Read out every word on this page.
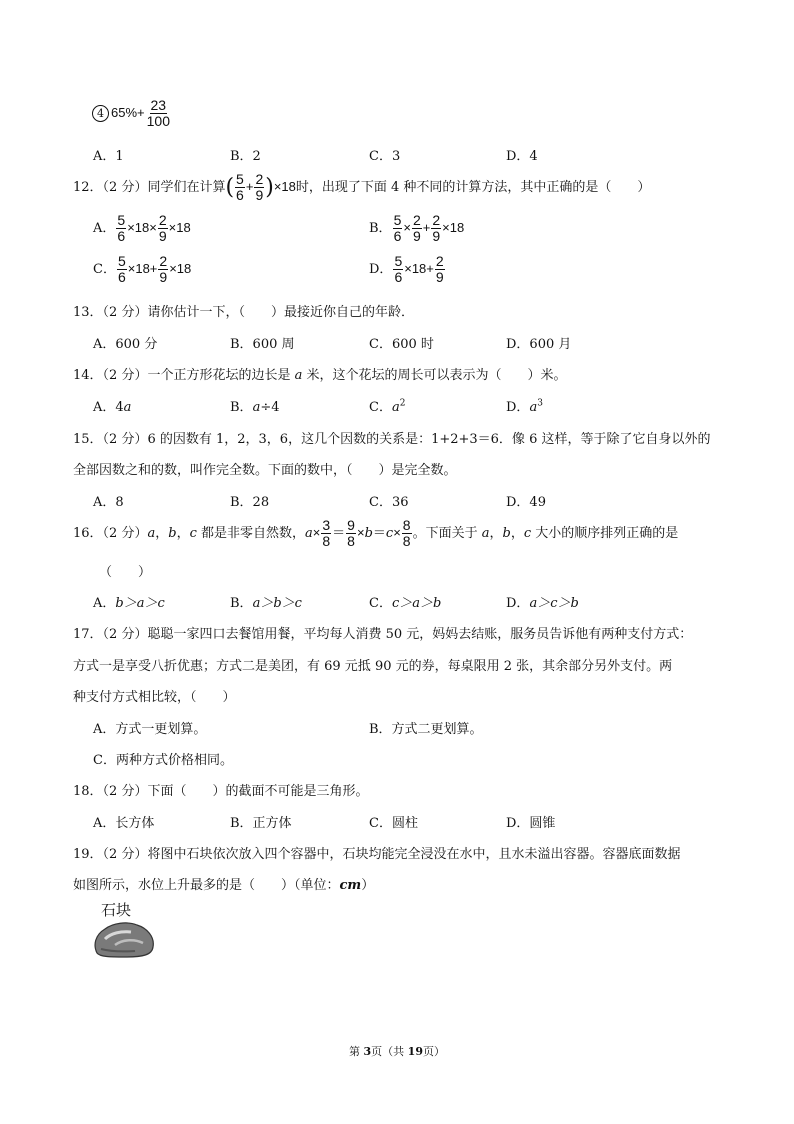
4 $65\%+ \frac{23}{100}$
A．1	B．2	C．3	D．4
12．（2 分）同学们在计算( $\frac{5}{6} + \frac{2}{9} )\times 18$时，出现了下面 4 种不同的计算方法，其中正确的是（　　）
A． $\frac{5}{6} \times 18\times \frac{2}{9} \times 18$	B． $\frac{5}{6} \times \frac{2}{9} + \frac{2}{9} \times 18$
C． $\frac{5}{6} \times 18+ \frac{2}{9} \times 18$	D． $\frac{5}{6} \times 18+ \frac{2}{9}$
13．（2 分）请你估计一下，（　　）最接近你自己的年龄．
A．600 分	B．600 周	C．600 时	D．600 月
14．（2 分）一个正方形花坛的边长是 a 米，这个花坛的周长可以表示为（　　）米。
A．4a	B．a÷4	C．$a^2$	D．$a^3$
15．（2 分）6 的因数有 1，2，3，6，这几个因数的关系是：1+2+3＝6．像 6 这样，等于除了它自身以外的
全部因数之和的数，叫作完全数。下面的数中，（　　）是完全数。
A．8	B．28	C．36	D．49
16．（2 分）a，b，c 都是非零自然数，$a\times \frac{3}{8} = \frac{9}{8} \times b=c\times \frac{8}{8}$ 。下面关于 a，b，c 大小的顺序排列正确的是
（　　）
A．b＞a＞c	B．a＞b＞c	C．c＞a＞b	D．a＞c＞b
17．（2 分）聪聪一家四口去餐馆用餐，平均每人消费 50 元，妈妈去结账，服务员告诉他有两种支付方式：
方式一是享受八折优惠；方式二是美团，有 69 元抵 90 元的券，每桌限用 2 张，其余部分另外支付。两
种支付方式相比较，（　　）
A．方式一更划算。	B．方式二更划算。
C．两种方式价格相同。
18．（2 分）下面（　　）的截面不可能是三角形。
A．长方体	B．正方体	C．圆柱	D．圆锥
19．（2 分）将图中石块依次放入四个容器中，石块均能完全浸没在水中，且水未溢出容器。容器底面数据
如图所示，水位上升最多的是（　　）（单位：cm）
石块
第 3页（共 19页）
